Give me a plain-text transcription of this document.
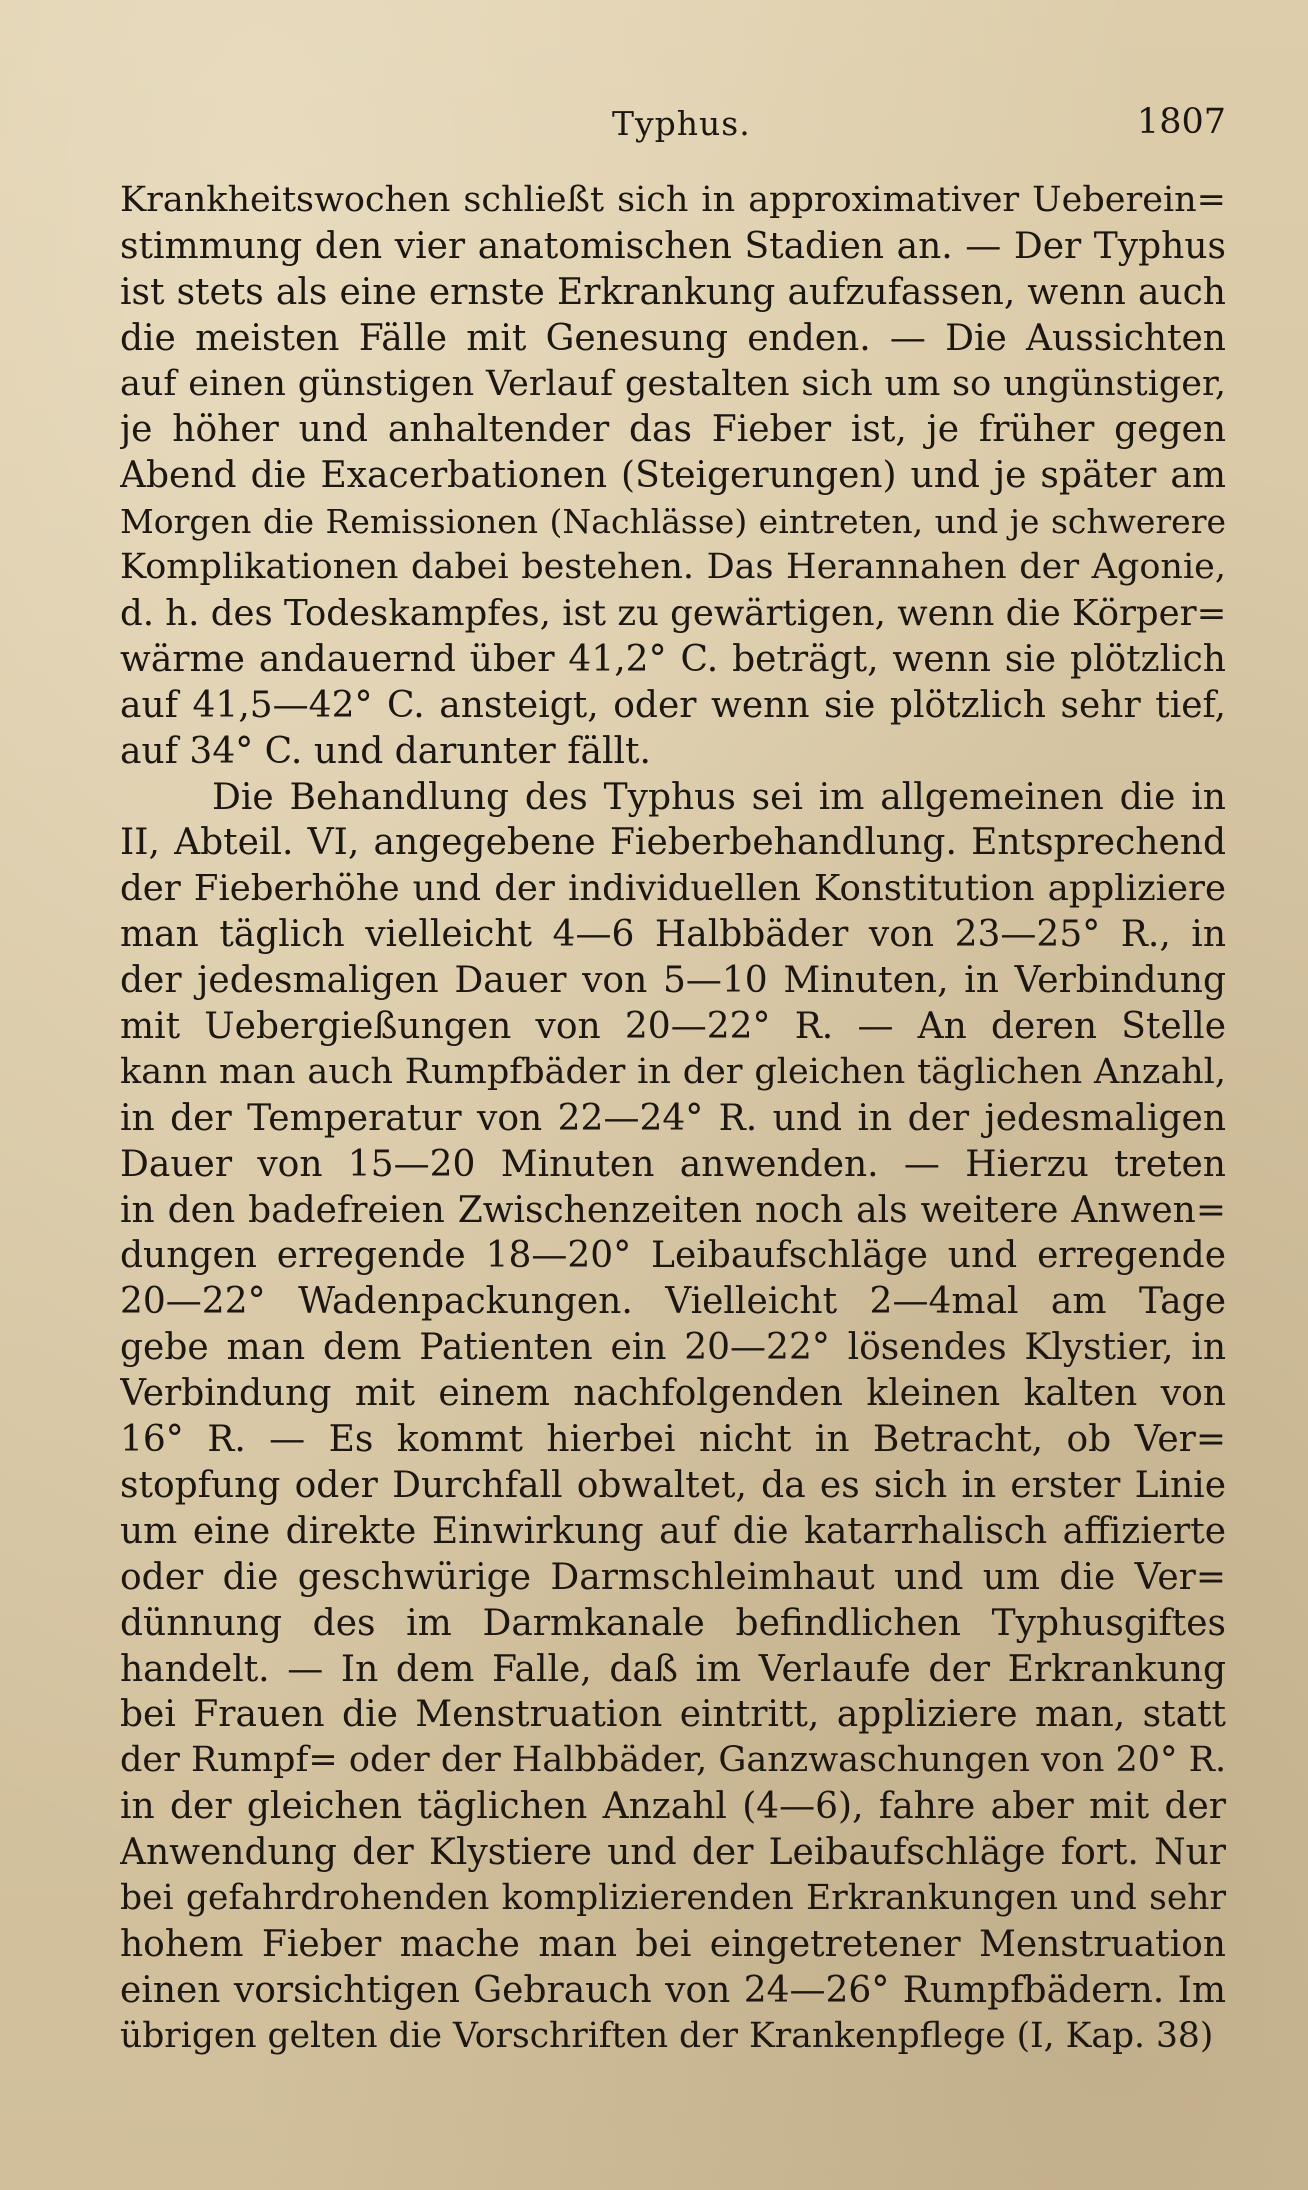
Typhus.	1807
Krankheitswochen schließt sich in approximativer Ueberein=
stimmung den vier anatomischen Stadien an. — Der Typhus
ist stets als eine ernste Erkrankung aufzufassen, wenn auch
die meisten Fälle mit Genesung enden. — Die Aussichten
auf einen günstigen Verlauf gestalten sich um so ungünstiger,
je höher und anhaltender das Fieber ist, je früher gegen
Abend die Exacerbationen (Steigerungen) und je später am
Morgen die Remissionen (Nachlässe) eintreten, und je schwerere
Komplikationen dabei bestehen. Das Herannahen der Agonie,
d. h. des Todeskampfes, ist zu gewärtigen, wenn die Körper=
wärme andauernd über 41,2° C. beträgt, wenn sie plötzlich
auf 41,5—42° C. ansteigt, oder wenn sie plötzlich sehr tief,
auf 34° C. und darunter fällt.
Die Behandlung des Typhus sei im allgemeinen die in
II, Abteil. VI, angegebene Fieberbehandlung. Entsprechend
der Fieberhöhe und der individuellen Konstitution appliziere
man täglich vielleicht 4—6 Halbbäder von 23—25° R., in
der jedesmaligen Dauer von 5—10 Minuten, in Verbindung
mit Uebergießungen von 20—22° R. — An deren Stelle
kann man auch Rumpfbäder in der gleichen täglichen Anzahl,
in der Temperatur von 22—24° R. und in der jedesmaligen
Dauer von 15—20 Minuten anwenden. — Hierzu treten
in den badefreien Zwischenzeiten noch als weitere Anwen=
dungen erregende 18—20° Leibaufschläge und erregende
20—22° Wadenpackungen. Vielleicht 2—4mal am Tage
gebe man dem Patienten ein 20—22° lösendes Klystier, in
Verbindung mit einem nachfolgenden kleinen kalten von
16° R. — Es kommt hierbei nicht in Betracht, ob Ver=
stopfung oder Durchfall obwaltet, da es sich in erster Linie
um eine direkte Einwirkung auf die katarrhalisch affizierte
oder die geschwürige Darmschleimhaut und um die Ver=
dünnung des im Darmkanale befindlichen Typhusgiftes
handelt. — In dem Falle, daß im Verlaufe der Erkrankung
bei Frauen die Menstruation eintritt, appliziere man, statt
der Rumpf= oder der Halbbäder, Ganzwaschungen von 20° R.
in der gleichen täglichen Anzahl (4—6), fahre aber mit der
Anwendung der Klystiere und der Leibaufschläge fort. Nur
bei gefahrdrohenden komplizierenden Erkrankungen und sehr
hohem Fieber mache man bei eingetretener Menstruation
einen vorsichtigen Gebrauch von 24—26° Rumpfbädern. Im
übrigen gelten die Vorschriften der Krankenpflege (I, Kap. 38)
